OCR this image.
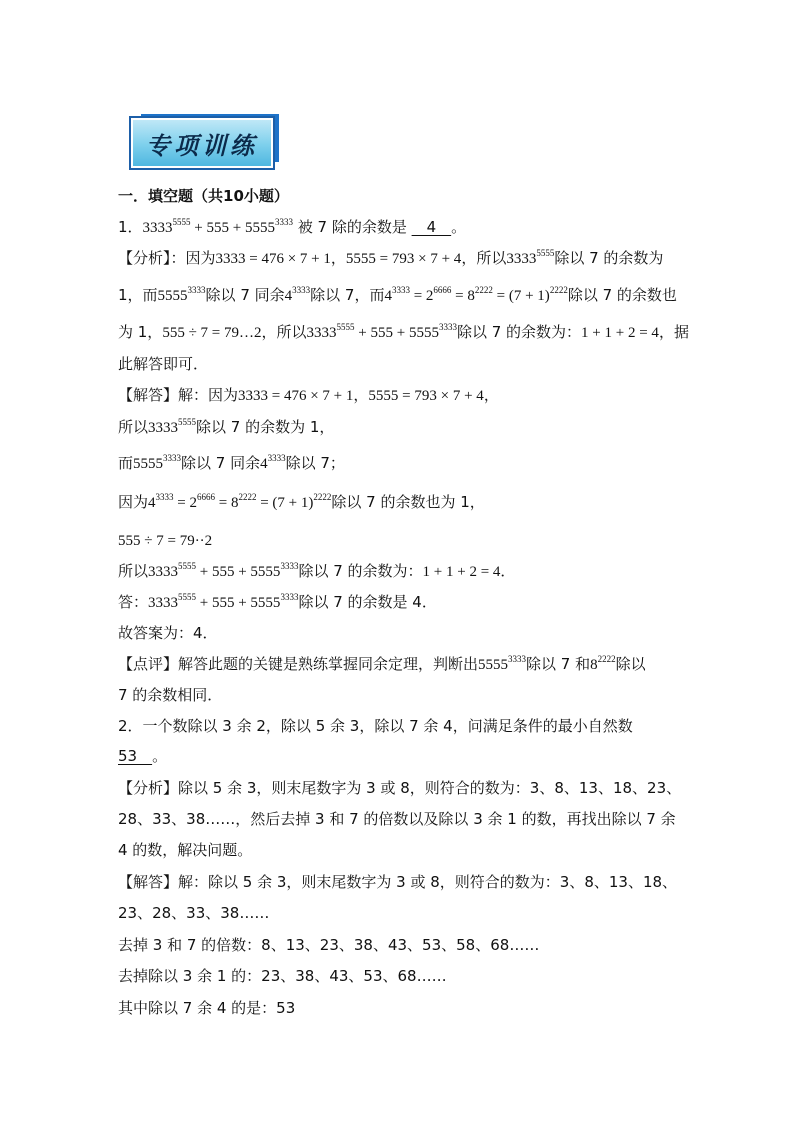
专项训练
一．填空题（共10小题）
1．$3333^{5555} + 555 + 5555^{3333}$ 被 7 除的余数是 　4　。
【分析】：因为3333 = 476 × 7 + 1，5555 = 793 × 7 + 4，所以$3333^{5555}$除以 7 的余数为
1，而$5555^{3333}$除以 7 同余$4^{3333}$除以 7，而$4^{3333} = 2^{6666} = 8^{2222} = (7 + 1)^{2222}$除以 7 的余数也
为 1，555 ÷ 7 = 79…2，所以$3333^{5555} + 555 + 5555^{3333}$除以 7 的余数为：1 + 1 + 2 = 4，据
此解答即可．
【解答】解：因为3333 = 476 × 7 + 1，5555 = 793 × 7 + 4，
所以$3333^{5555}$除以 7 的余数为 1，
而$5555^{3333}$除以 7 同余$4^{3333}$除以 7；
因为$4^{3333} = 2^{6666} = 8^{2222} = (7 + 1)^{2222}$除以 7 的余数也为 1，
555 ÷ 7 = 79··2
所以$3333^{5555} + 555 + 5555^{3333}$除以 7 的余数为：1 + 1 + 2 = 4．
答：$3333^{5555} + 555 + 5555^{3333}$除以 7 的余数是 4．
故答案为：4．
【点评】解答此题的关键是熟练掌握同余定理，判断出$5555^{3333}$除以 7 和$8^{2222}$除以
7 的余数相同．
2．一个数除以 3 余 2，除以 5 余 3，除以 7 余 4，问满足条件的最小自然数
53　。
【分析】除以 5 余 3，则末尾数字为 3 或 8，则符合的数为：3、8、13、18、23、
28、33、38……，然后去掉 3 和 7 的倍数以及除以 3 余 1 的数，再找出除以 7 余
4 的数，解决问题。
【解答】解：除以 5 余 3，则末尾数字为 3 或 8，则符合的数为：3、8、13、18、
23、28、33、38……
去掉 3 和 7 的倍数：8、13、23、38、43、53、58、68……
去掉除以 3 余 1 的：23、38、43、53、68……
其中除以 7 余 4 的是：53
